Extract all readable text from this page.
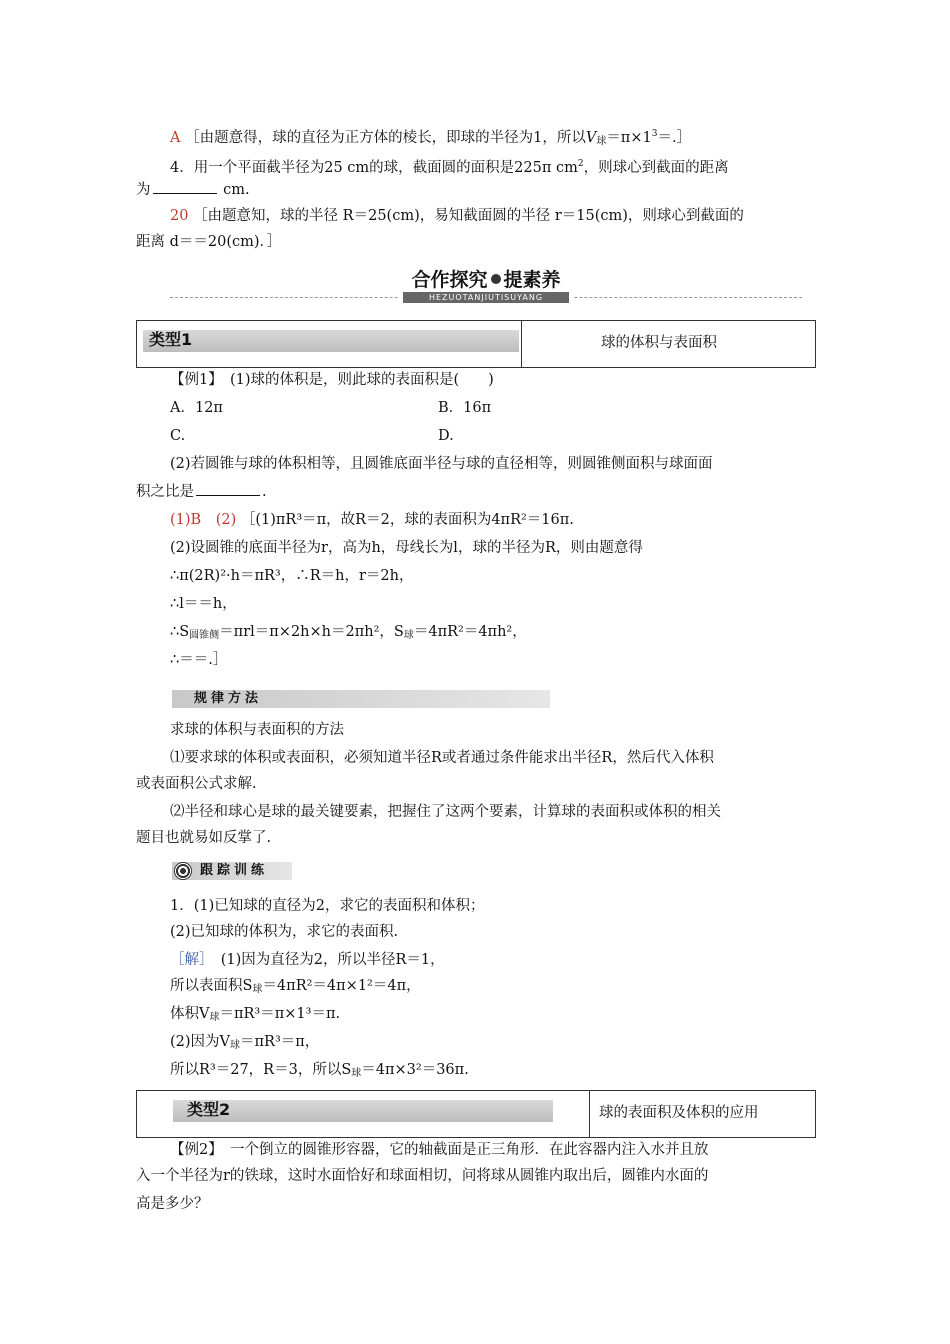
A ［由题意得，球的直径为正方体的棱长，即球的半径为1，所以$V_球=\pi\times 1^3=.]$
4．用一个平面截半径为25 cm的球，截面圆的面积是225π $cm^2$，则球心到截面的距离
为	cm.
20 ［由题意知，球的半径 R＝25(cm)，易知截面圆的半径 r＝15(cm)，则球心到截面的
距离 d＝＝20(cm)．］
合作探究 提素养
HEZUOTANJIUTISUYANG
类型1	球的体积与表面积
【例1】　(1)球的体积是，则此球的表面积是(　　)
A．12π	B．16π
C.	D.
(2)若圆锥与球的体积相等，且圆锥底面半径与球的直径相等，则圆锥侧面积与球面面
积之比是	.
(1)B　(2) ［(1)πR³＝π，故R＝2，球的表面积为4πR²＝16π.
(2)设圆锥的底面半径为r，高为h，母线长为l，球的半径为R，则由题意得
∴π(2R)²·h＝πR³，∴R＝h，r＝2h，
∴l＝＝h，
$\therefore S_{圆锥侧}=\pi rl=\pi\times 2h\times h=2\pi h^2$，$S_球=4\pi R^2=4\pi h^2$，
∴＝＝.］
规律方法
求球的体积与表面积的方法
⑴要求球的体积或表面积，必须知道半径R或者通过条件能求出半径R，然后代入体积
或表面积公式求解.
⑵半径和球心是球的最关键要素，把握住了这两个要素，计算球的表面积或体积的相关
题目也就易如反掌了.
跟踪训练
1．(1)已知球的直径为2，求它的表面积和体积；
(2)已知球的体积为，求它的表面积.
［解］　(1)因为直径为2，所以半径R＝1，
所以表面积$S_球=4\pi R^2=4\pi\times 1^2=4\pi$，
体积$V_球=\pi R^3=\pi\times 1^3=\pi$.
(2)因为$V_球=\pi R^3=\pi$，
所以R³＝27，R＝3，所以$S_球=4\pi\times 3^2=36\pi$.
类型2	球的表面积及体积的应用
【例2】　一个倒立的圆锥形容器，它的轴截面是正三角形．在此容器内注入水并且放
入一个半径为r的铁球，这时水面恰好和球面相切，问将球从圆锥内取出后，圆锥内水面的
高是多少？
